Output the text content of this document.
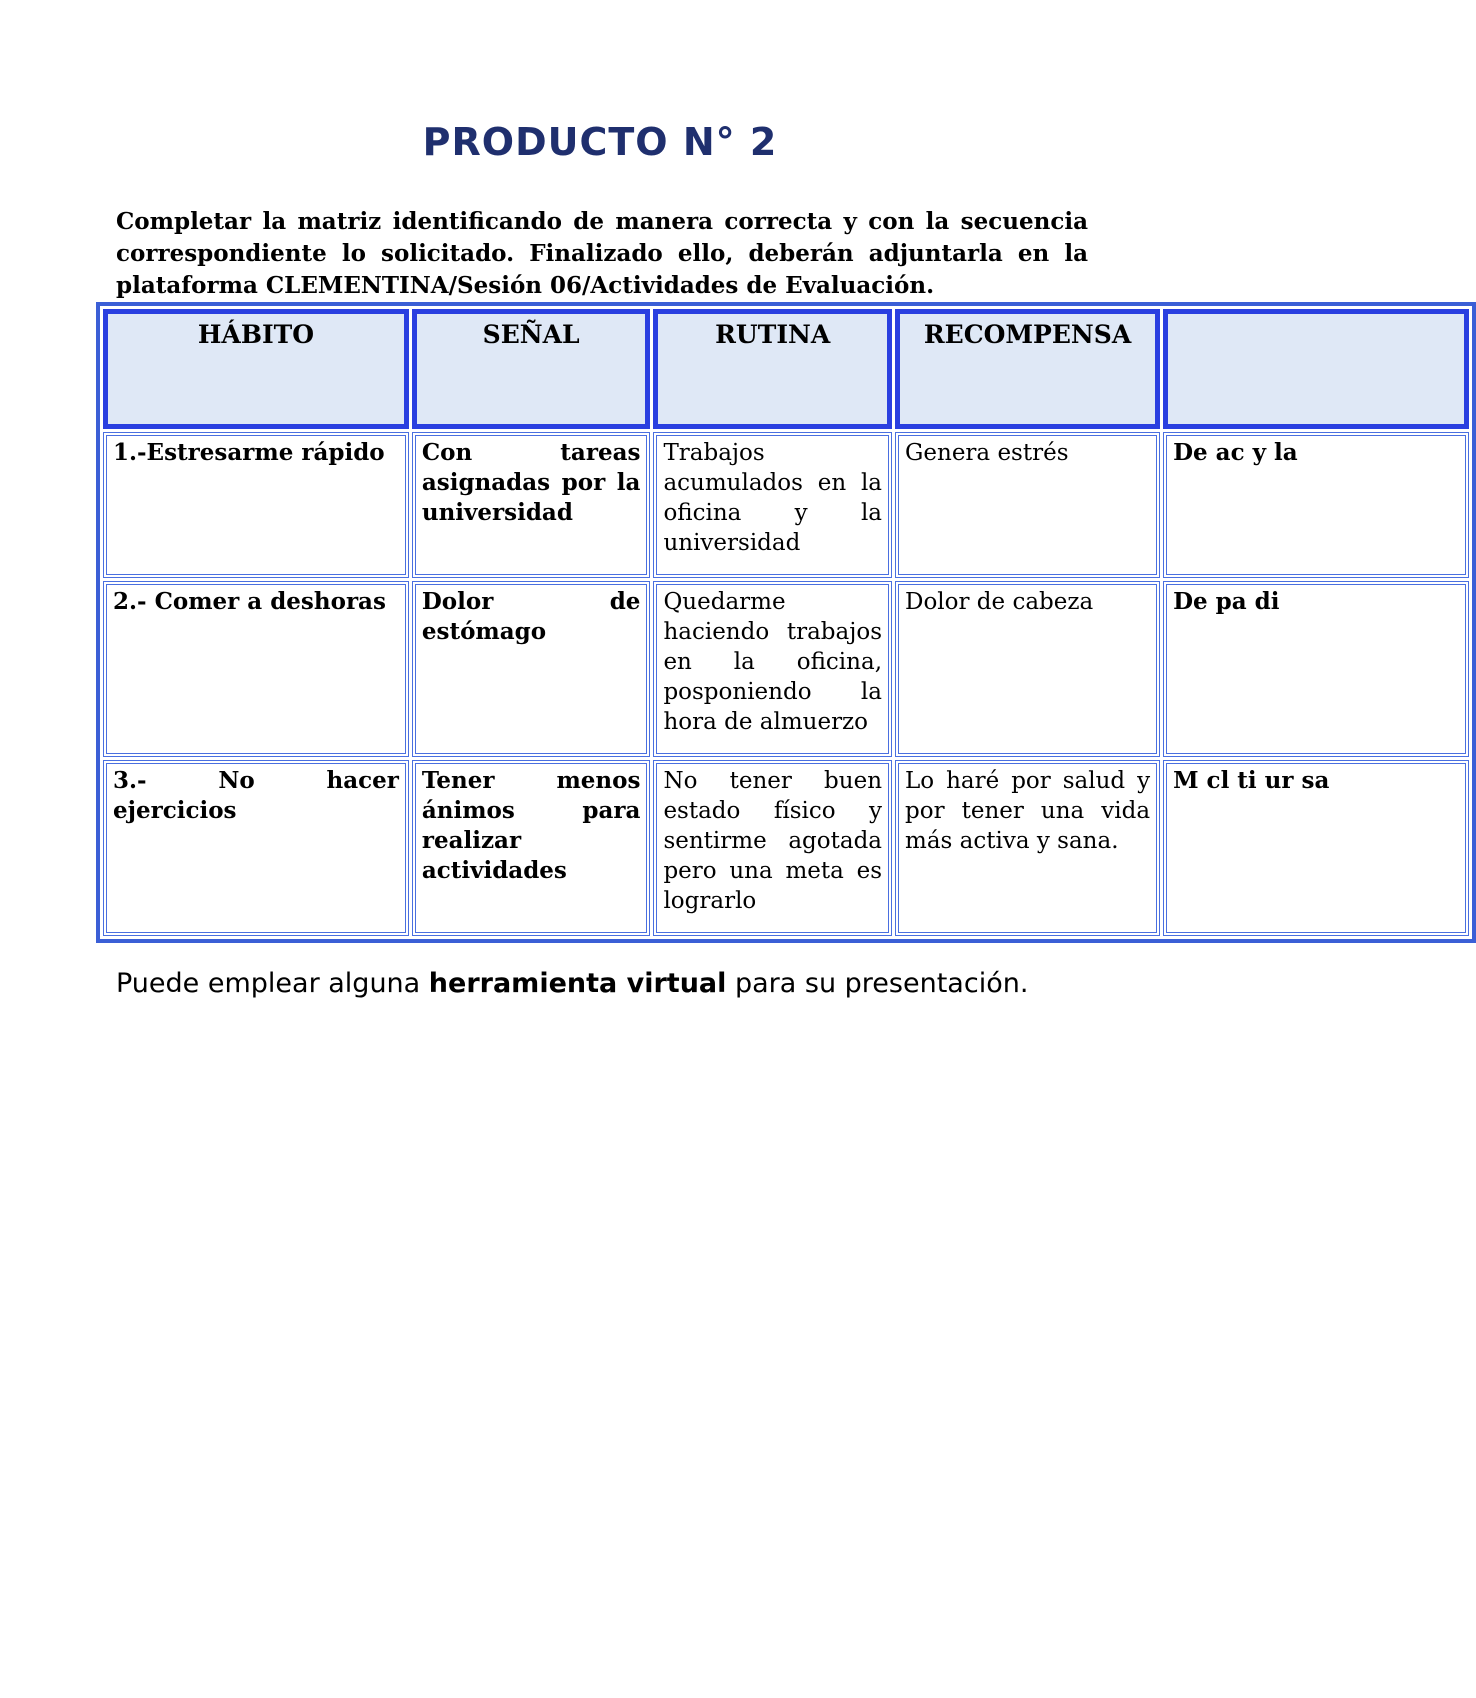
PRODUCTO N° 2
Completar la matriz identificando de manera correcta y con la secuencia correspondiente lo solicitado. Finalizado ello, deberán adjuntarla en la plataforma CLEMENTINA/Sesión 06/Actividades de Evaluación.
HÁBITO	SEÑAL	RUTINA	RECOMPENSA	
1.-Estresarme rápido	Con tareas asignadas por la universidad	Trabajos acumulados en la oficina y la universidad	Genera estrés	De ac y la
2.- Comer a deshoras	Dolor de estómago	Quedarme haciendo trabajos en la oficina, posponiendo la hora de almuerzo	Dolor de cabeza	De pa di
3.- No hacer ejercicios	Tener menos ánimos para realizar actividades	No tener buen estado físico y sentirme agotada pero una meta es lograrlo	Lo haré por salud y por tener una vida más activa y sana.	M cl ti ur sa
Puede emplear alguna herramienta virtual para su presentación.
